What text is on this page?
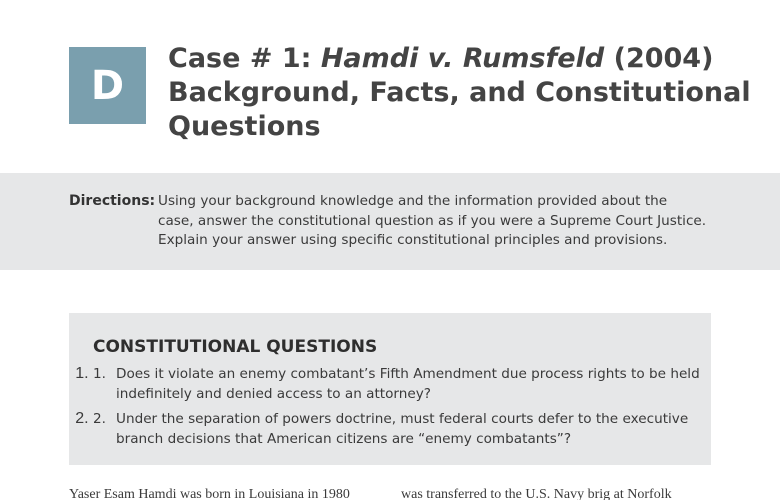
D
Case # 1: Hamdi v. Rumsfeld (2004)
Background, Facts, and Constitutional
Questions
Directions: Using your background knowledge and the information provided about the
case, answer the constitutional question as if you were a Supreme Court Justice.
Explain your answer using specific constitutional principles and provisions.
CONSTITUTIONAL QUESTIONS
1. 1. Does it violate an enemy combatant’s Fifth Amendment due process rights to be held
indefinitely and denied access to an attorney?
2. 2. Under the separation of powers doctrine, must federal courts defer to the executive
branch decisions that American citizens are “enemy combatants”?

Yaser Esam Hamdi was born in Louisiana in 1980	was transferred to the U.S. Navy brig at Norfolk
